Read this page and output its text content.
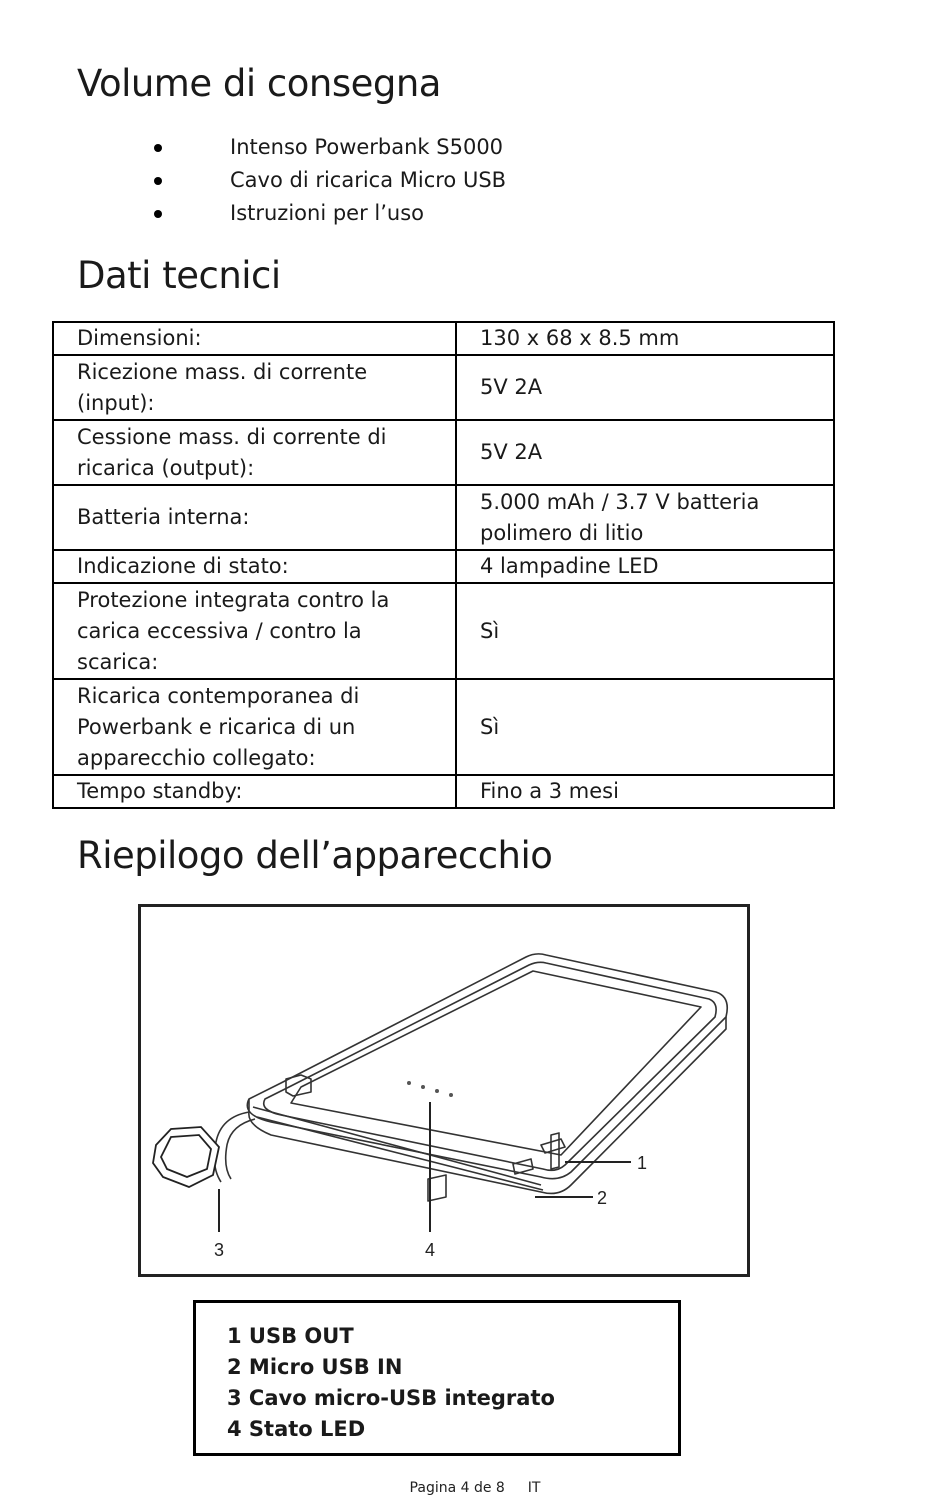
Volume di consegna
Intenso Powerbank S5000
Cavo di ricarica Micro USB
Istruzioni per l’uso
Dati tecnici
Dimensioni:	130 x 68 x 8.5 mm
Ricezione mass. di corrente (input):	5V 2A
Cessione mass. di corrente di ricarica (output):	5V 2A
Batteria interna:	5.000 mAh / 3.7 V batteria polimero di litio
Indicazione di stato:	4 lampadine LED
Protezione integrata contro la carica eccessiva / contro la scarica:	Sì
Ricarica contemporanea di Powerbank e ricarica di un apparecchio collegato:	Sì
Tempo standby:	Fino a 3 mesi
Riepilogo dell’apparecchio
1
2
3	4
1 USB OUT
2 Micro USB IN
3 Cavo micro-USB integrato
4 Stato LED
Pagina 4 de 8 IT
